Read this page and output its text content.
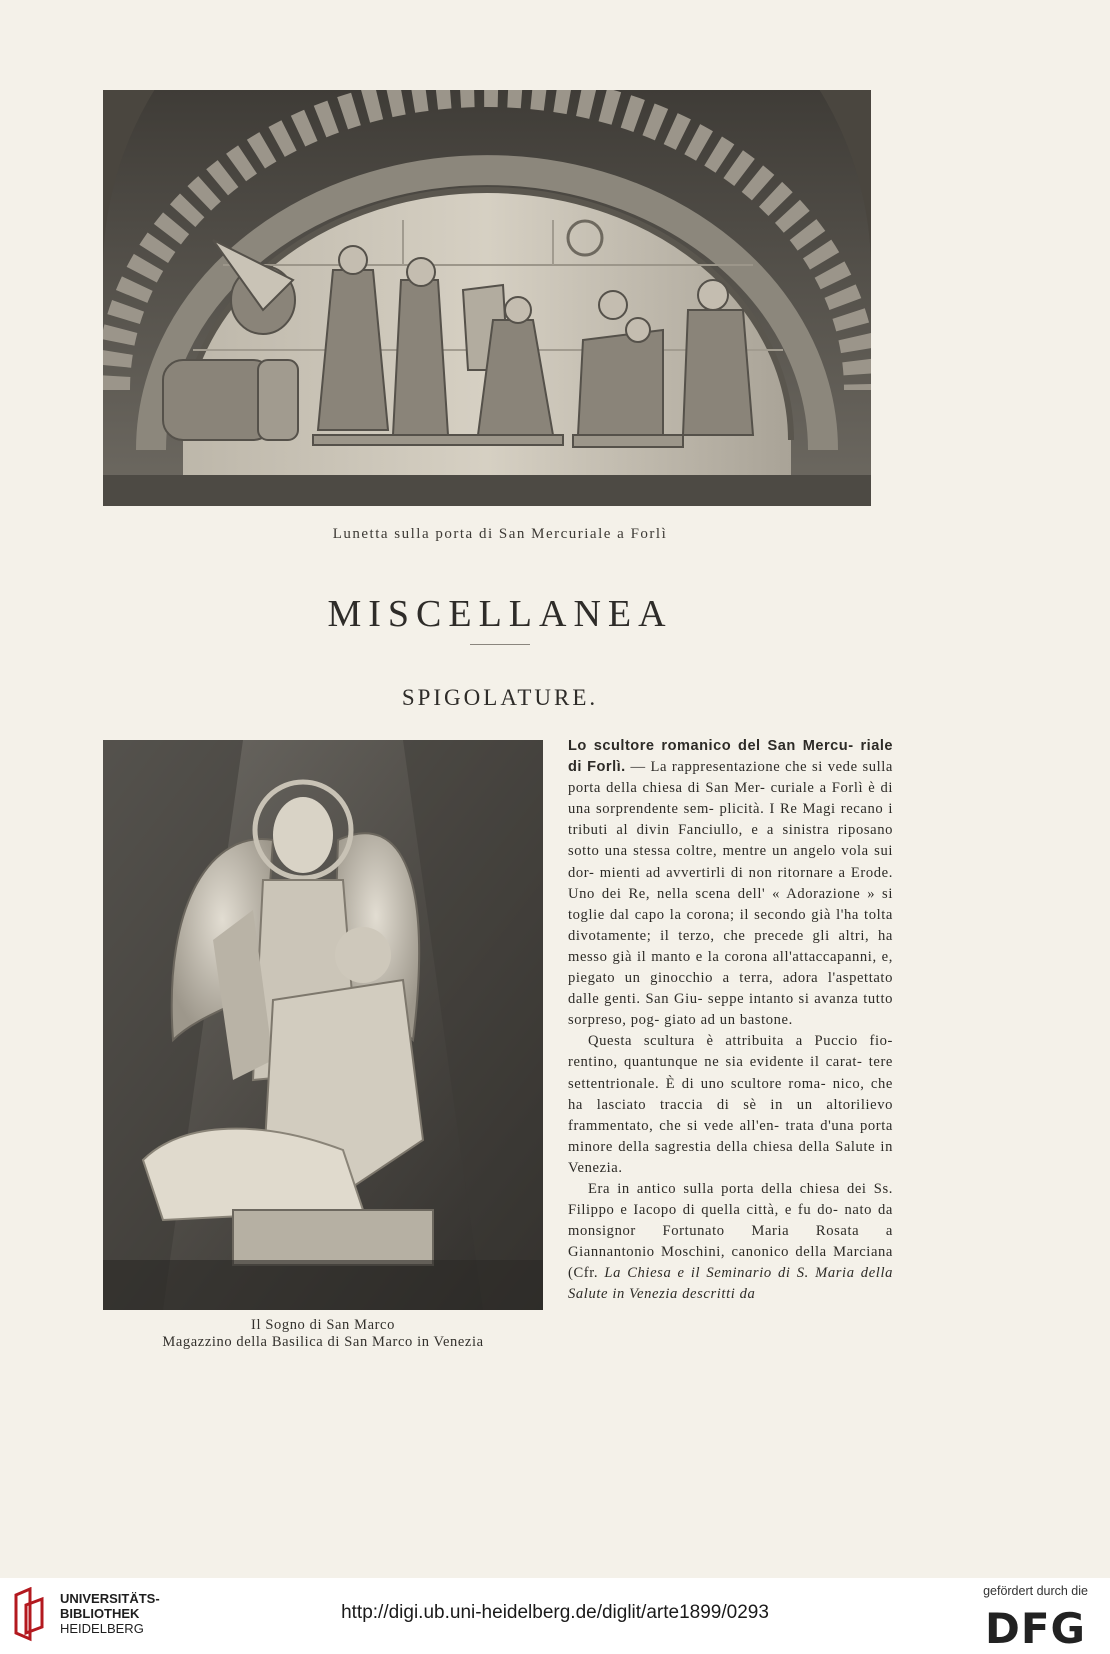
Lunetta sulla porta di San Mercuriale a Forlì
MISCELLANEA
SPIGOLATURE.
Il Sogno di San Marco
Magazzino della Basilica di San Marco in Venezia

Lo scultore romanico del San Mercu- riale di Forlì. — La rappresentazione che si vede sulla porta della chiesa di San Mer- curiale a Forlì è di una sorprendente sem- plicità. I Re Magi recano i tributi al divin Fanciullo, e a sinistra riposano sotto una stessa coltre, mentre un angelo vola sui dor- mienti ad avvertirli di non ritornare a Erode. Uno dei Re, nella scena dell' « Adorazione » si toglie dal capo la corona; il secondo già l'ha tolta divotamente; il terzo, che precede gli altri, ha messo già il manto e la corona all'attaccapanni, e, piegato un ginocchio a terra, adora l'aspettato dalle genti. San Giu- seppe intanto si avanza tutto sorpreso, pog- giato ad un bastone.

Questa scultura è attribuita a Puccio fio- rentino, quantunque ne sia evidente il carat- tere settentrionale. È di uno scultore roma- nico, che ha lasciato traccia di sè in un altorilievo frammentato, che si vede all'en- trata d'una porta minore della sagrestia della chiesa della Salute in Venezia.

Era in antico sulla porta della chiesa dei Ss. Filippo e Iacopo di quella città, e fu do- nato da monsignor Fortunato Maria Rosata a Giannantonio Moschini, canonico della Marciana (Cfr. La Chiesa e il Seminario di S. Maria della Salute in Venezia descritti da

UNIVERSITÄTS-
BIBLIOTHEK
HEIDELBERG
http://digi.ub.uni-heidelberg.de/diglit/arte1899/0293
gefördert durch die
DFG
